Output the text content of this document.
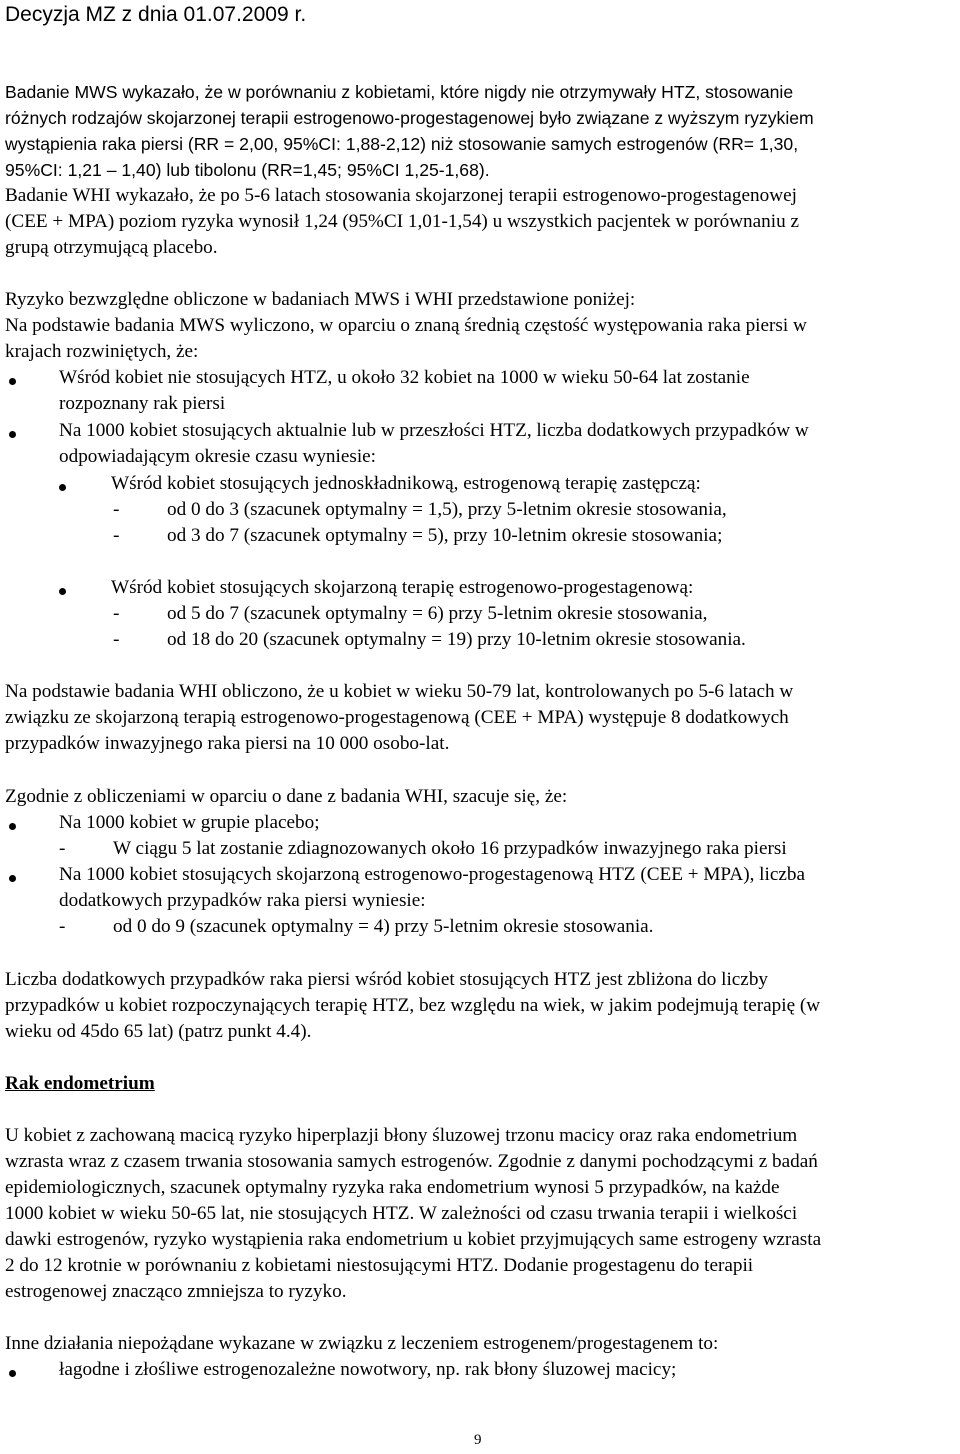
Decyzja MZ z dnia 01.07.2009 r.
Badanie MWS wykazało, że w porównaniu z kobietami, które nigdy nie otrzymywały HTZ, stosowanie
różnych rodzajów skojarzonej terapii estrogenowo-progestagenowej było związane z wyższym ryzykiem
wystąpienia raka piersi (RR = 2,00, 95%CI: 1,88-2,12) niż stosowanie samych estrogenów (RR= 1,30,
95%CI: 1,21 – 1,40) lub tibolonu (RR=1,45; 95%CI 1,25-1,68).
Badanie WHI wykazało, że po 5-6 latach stosowania skojarzonej terapii estrogenowo-progestagenowej
(CEE + MPA) poziom ryzyka wynosił 1,24 (95%CI 1,01-1,54) u wszystkich pacjentek w porównaniu z
grupą otrzymującą placebo.
Ryzyko bezwzględne obliczone w badaniach MWS i WHI przedstawione poniżej:
Na podstawie badania MWS wyliczono, w oparciu o znaną średnią częstość występowania raka piersi w
krajach rozwiniętych, że:
Wśród kobiet nie stosujących HTZ, u około 32 kobiet na 1000 w wieku 50-64 lat zostanie
rozpoznany rak piersi
Na 1000 kobiet stosujących aktualnie lub w przeszłości HTZ, liczba dodatkowych przypadków w
odpowiadającym okresie czasu wyniesie:
Wśród kobiet stosujących jednoskładnikową, estrogenową terapię zastępczą:
- od 0 do 3 (szacunek optymalny = 1,5), przy 5-letnim okresie stosowania,
- od 3 do 7 (szacunek optymalny = 5), przy 10-letnim okresie stosowania;
Wśród kobiet stosujących skojarzoną terapię estrogenowo-progestagenową:
- od 5 do 7 (szacunek optymalny = 6) przy 5-letnim okresie stosowania,
- od 18 do 20 (szacunek optymalny = 19) przy 10-letnim okresie stosowania.
Na podstawie badania WHI obliczono, że u kobiet w wieku 50-79 lat, kontrolowanych po 5-6 latach w
związku ze skojarzoną terapią estrogenowo-progestagenową (CEE + MPA) występuje 8 dodatkowych
przypadków inwazyjnego raka piersi na 10 000 osobo-lat.
Zgodnie z obliczeniami w oparciu o dane z badania WHI, szacuje się, że:
Na 1000 kobiet w grupie placebo;
- W ciągu 5 lat zostanie zdiagnozowanych około 16 przypadków inwazyjnego raka piersi
Na 1000 kobiet stosujących skojarzoną estrogenowo-progestagenową HTZ (CEE + MPA), liczba
dodatkowych przypadków raka piersi wyniesie:
- od 0 do 9 (szacunek optymalny = 4) przy 5-letnim okresie stosowania.
Liczba dodatkowych przypadków raka piersi wśród kobiet stosujących HTZ jest zbliżona do liczby
przypadków u kobiet rozpoczynających terapię HTZ, bez względu na wiek, w jakim podejmują terapię (w
wieku od 45do 65 lat) (patrz punkt 4.4).
Rak endometrium
U kobiet z zachowaną macicą ryzyko hiperplazji błony śluzowej trzonu macicy oraz raka endometrium
wzrasta wraz z czasem trwania stosowania samych estrogenów. Zgodnie z danymi pochodzącymi z badań
epidemiologicznych, szacunek optymalny ryzyka raka endometrium wynosi 5 przypadków, na każde
1000 kobiet w wieku 50-65 lat, nie stosujących HTZ. W zależności od czasu trwania terapii i wielkości
dawki estrogenów, ryzyko wystąpienia raka endometrium u kobiet przyjmujących same estrogeny wzrasta
2 do 12 krotnie w porównaniu z kobietami niestosującymi HTZ. Dodanie progestagenu do terapii
estrogenowej znacząco zmniejsza to ryzyko.
Inne działania niepożądane wykazane w związku z leczeniem estrogenem/progestagenem to:
łagodne i złośliwe estrogenozależne nowotwory, np. rak błony śluzowej macicy;
9
